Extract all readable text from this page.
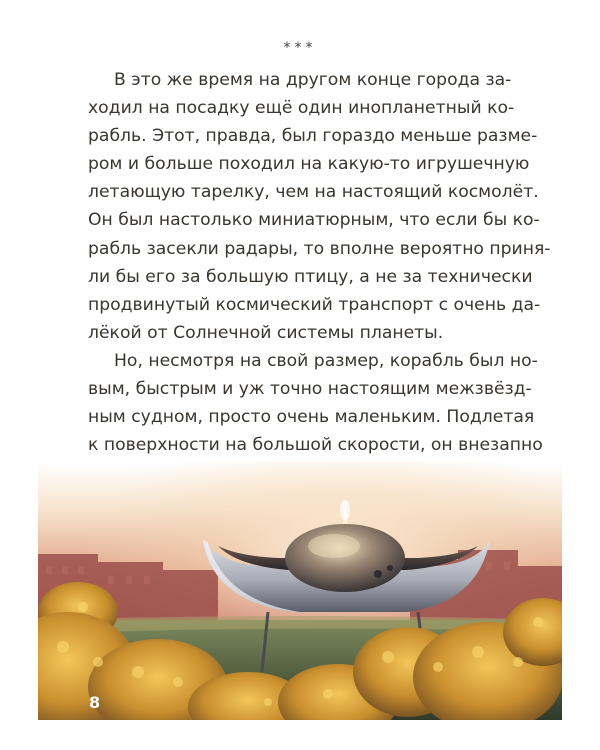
***
В это же время на другом конце города за-
ходил на посадку ещё один инопланетный ко-
рабль. Этот, правда, был гораздо меньше разме-
ром и больше походил на какую-то игрушечную
летающую тарелку, чем на настоящий космолёт.
Он был настолько миниатюрным, что если бы ко-
рабль засекли радары, то вполне вероятно приня-
ли бы его за большую птицу, а не за технически
продвинутый космический транспорт с очень да-
лёкой от Солнечной системы планеты.
Но, несмотря на свой размер, корабль был но-
вым, быстрым и уж точно настоящим межзвёзд-
ным судном, просто очень маленьким. Подлетая
к поверхности на большой скорости, он внезапно
8
